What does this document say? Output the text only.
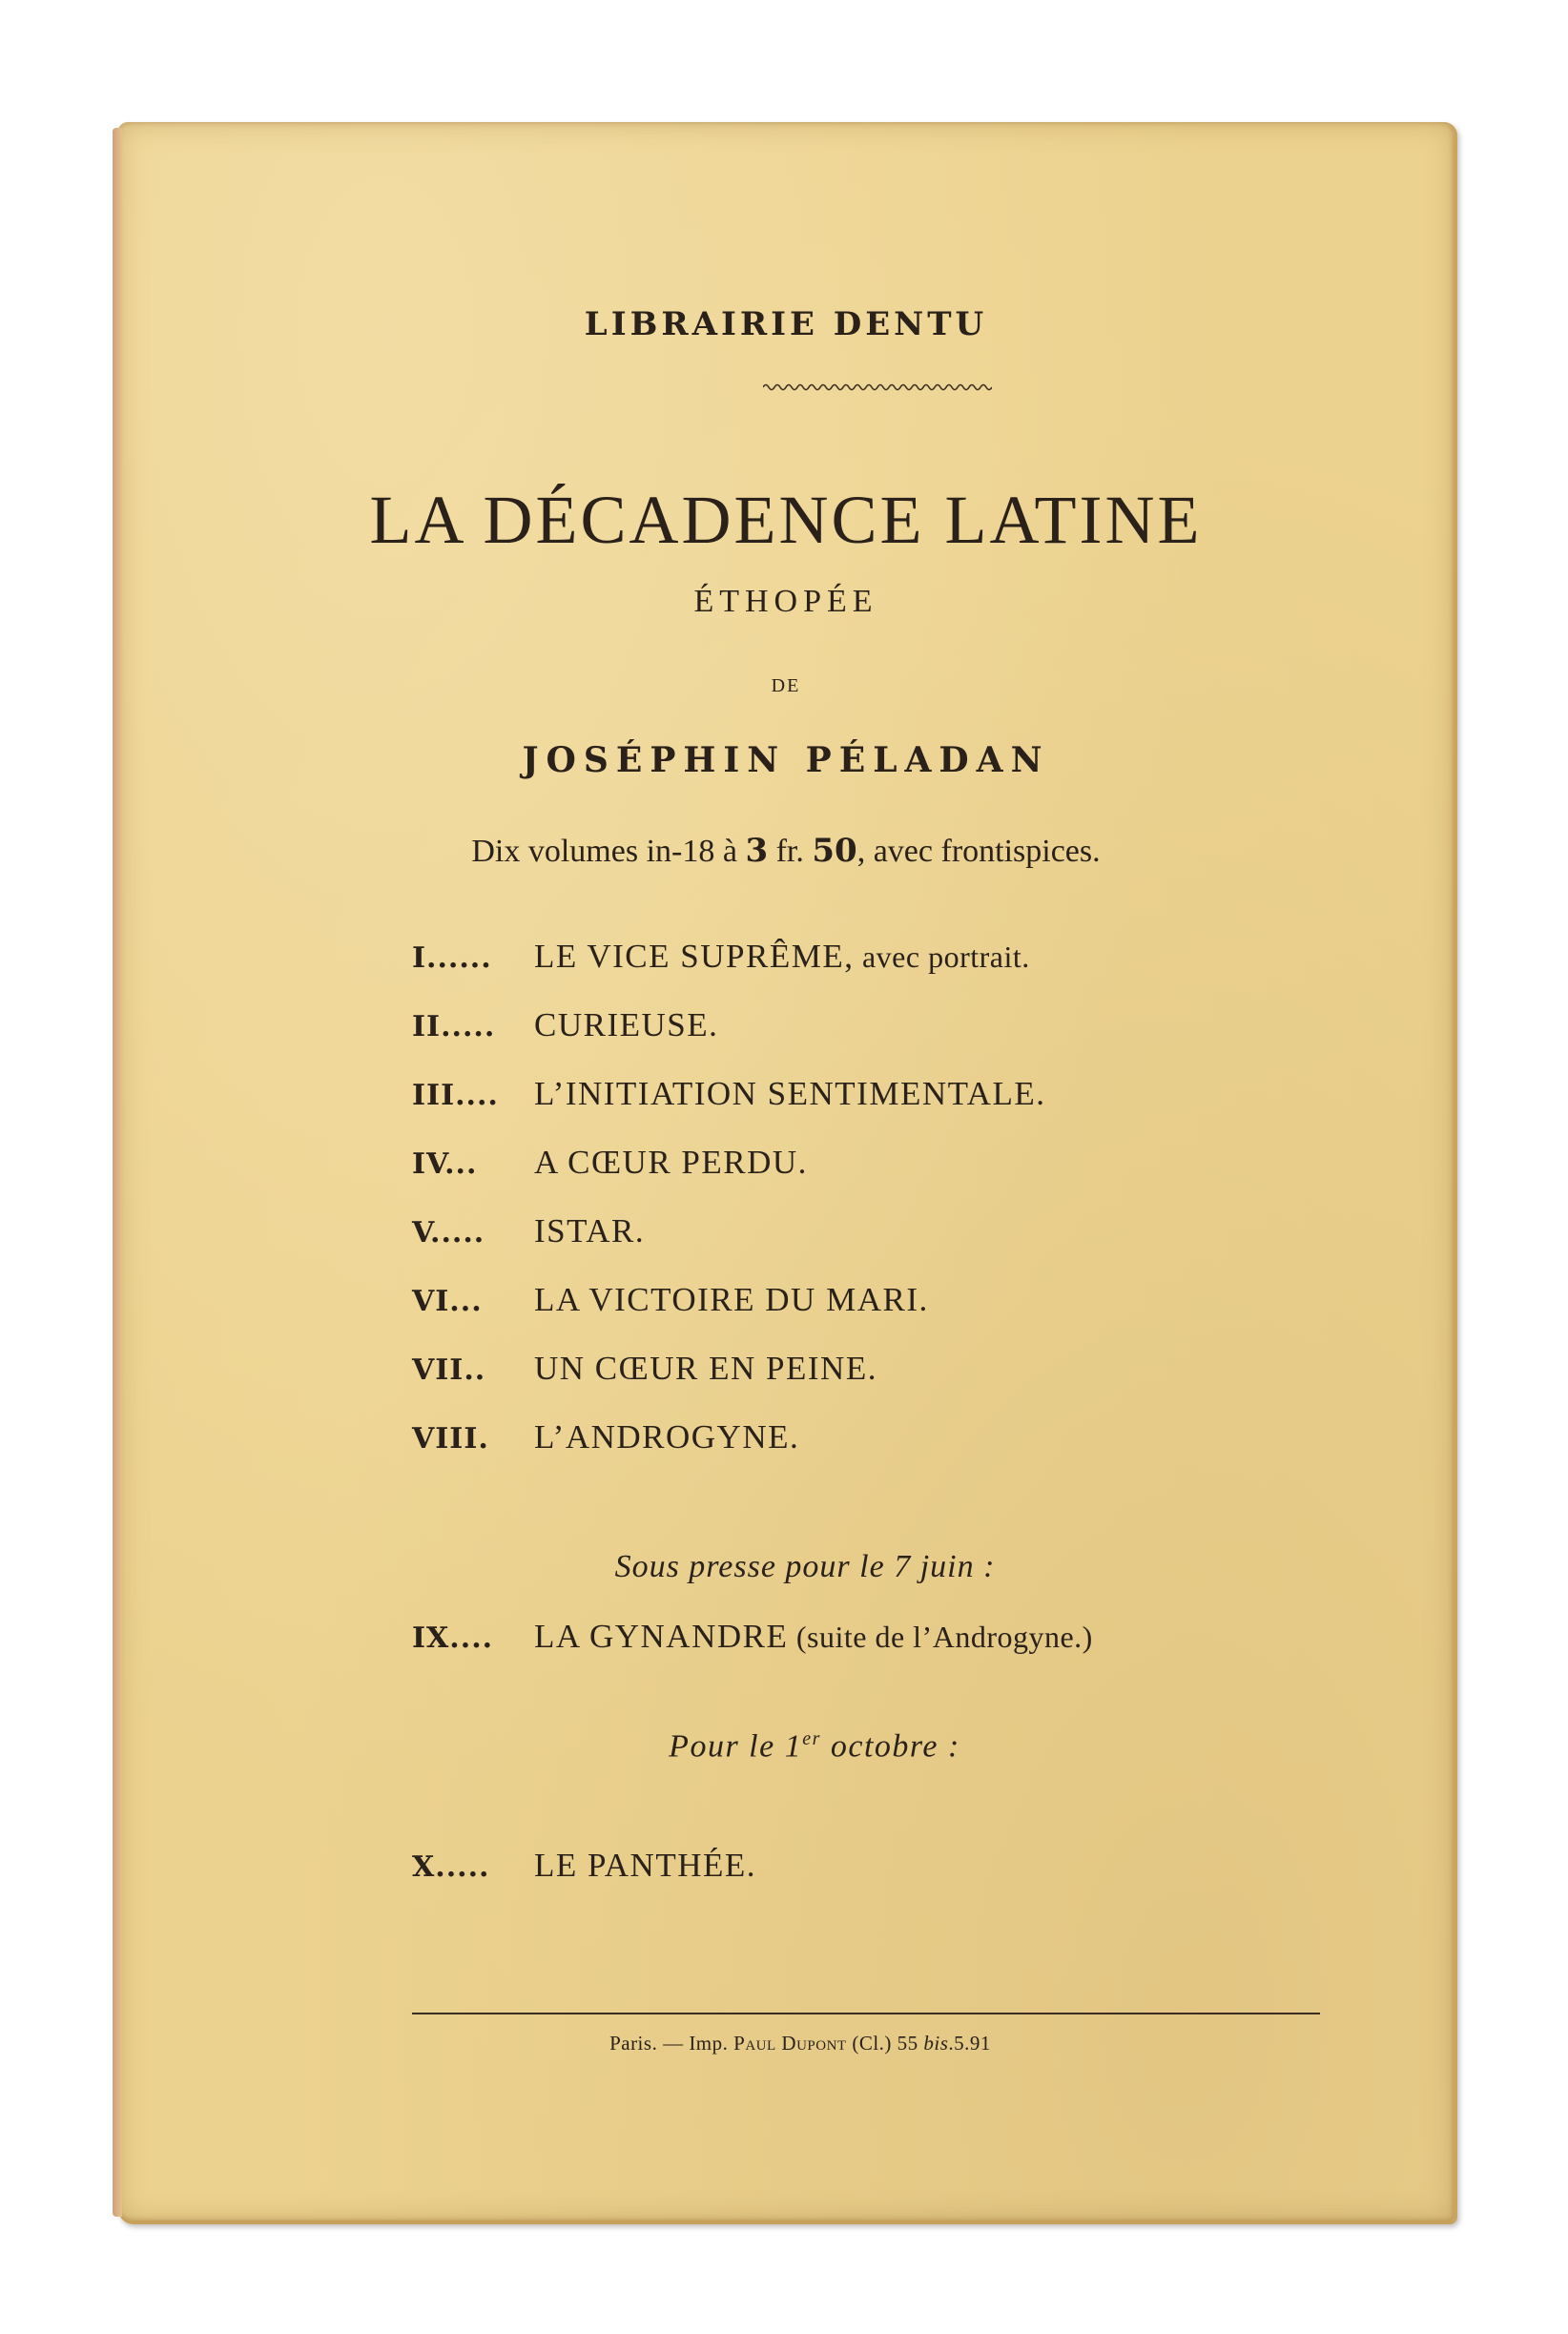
LIBRAIRIE DENTU
LA DÉCADENCE LATINE
ÉTHOPÉE
DE
JOSÉPHIN PÉLADAN
Dix volumes in-18 à 3 fr. 50, avec frontispices.
I......	LE VICE SUPRÊME, avec portrait.
II.....	CURIEUSE.
III....	L’INITIATION SENTIMENTALE.
IV...	A CŒUR PERDU.
V.....	ISTAR.
VI...	LA VICTOIRE DU MARI.
VII..	UN CŒUR EN PEINE.
VIII.	L’ANDROGYNE.
Sous presse pour le 7 juin :
IX....	LA GYNANDRE (suite de l’Androgyne.)
Pour le 1er octobre :
X.....	LE PANTHÉE.
Paris. — Imp. Paul Dupont (Cl.) 55 bis.5.91
